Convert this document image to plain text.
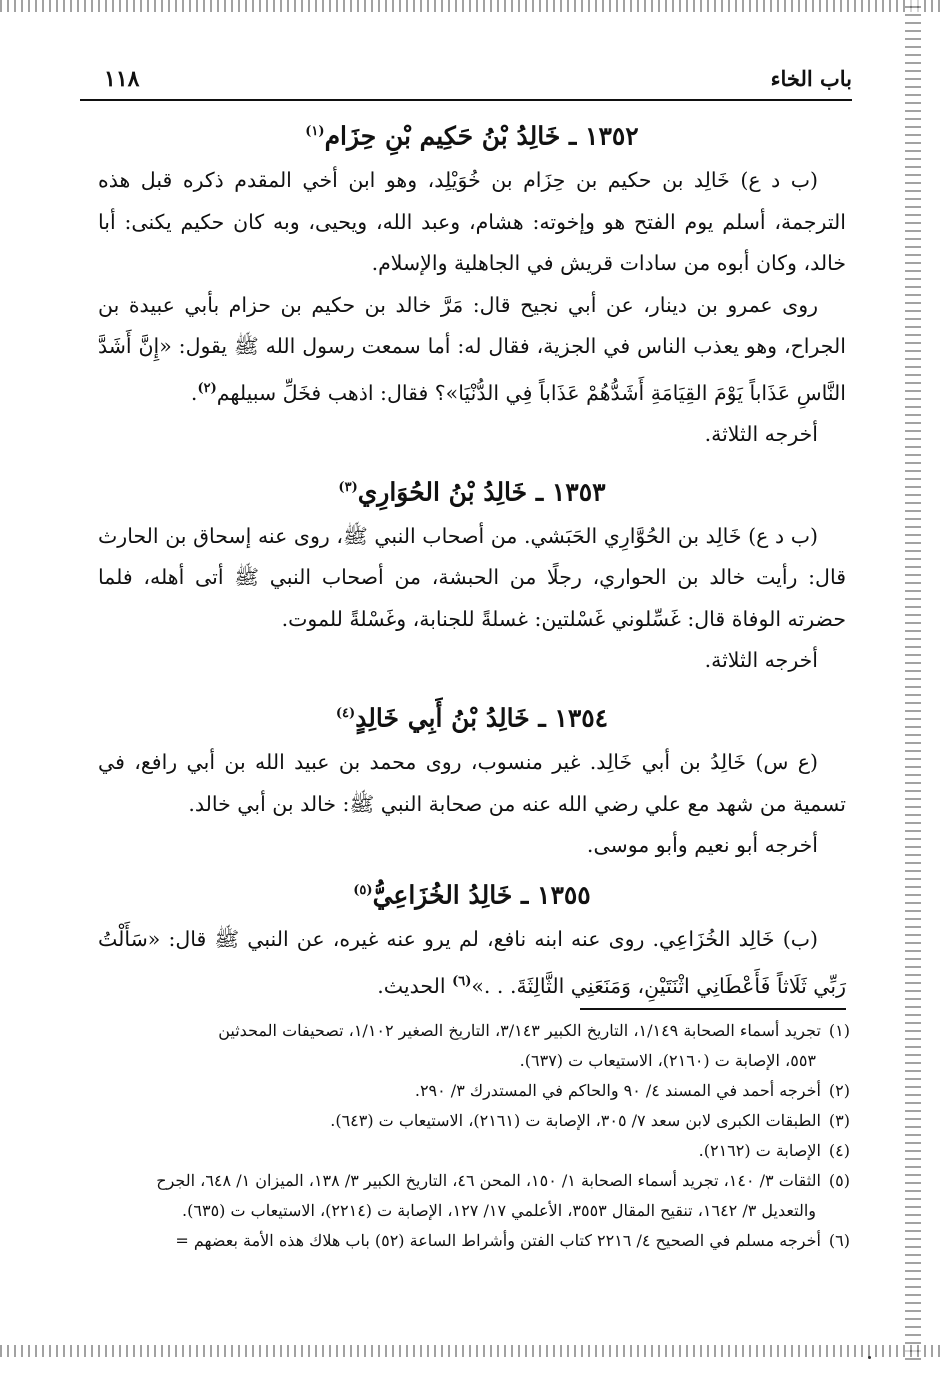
باب الخاء
١١٨
١٣٥٢ ـ خَالِدُ بْنُ حَكِيم بْنِ حِزَام$^{(١)}$

(ب د ع) خَالِد بن حكيم بن حِزَام بن خُوَيْلِد، وهو ابن أخي المقدم ذكره قبل هذه الترجمة، أسلم يوم الفتح هو وإخوته: هشام، وعبد الله، ويحيى، وبه كان حكيم يكنى: أبا خالد، وكان أبوه من سادات قريش في الجاهلية والإسلام.

روى عمرو بن دينار، عن أبي نجيح قال: مَرَّ خالد بن حكيم بن حزام بأبي عبيدة بن الجراح، وهو يعذب الناس في الجزية، فقال له: أما سمعت رسول الله ﷺ يقول: «إِنَّ أَشَدَّ النَّاسِ عَذَاباً يَوْمَ القِيَامَةِ أَشَدُّهُمْ عَذَاباً فِي الدُّنْيَا»؟ فقال: اذهب فخَلِّ سبيلهم$^{(٢)}$.

أخرجه الثلاثة.

١٣٥٣ ـ خَالِدُ بْنُ الحُوَارِي$^{(٣)}$

(ب د ع) خَالِد بن الحُوَّارِي الحَبَشي. من أصحاب النبي ﷺ، روى عنه إسحاق بن الحارث قال: رأيت خالد بن الحواري، رجلًا من الحبشة، من أصحاب النبي ﷺ أتى أهله، فلما حضرته الوفاة قال: غَسِّلوني غَسْلتين: غسلةً للجنابة، وغَسْلةً للموت.

أخرجه الثلاثة.

١٣٥٤ ـ خَالِدُ بْنُ أَبِي خَالِدٍ$^{(٤)}$

(ع س) خَالِدُ بن أبي خَالِد. غير منسوب، روى محمد بن عبيد الله بن أبي رافع، في تسمية من شهد مع علي رضي الله عنه من صحابة النبي ﷺ: خالد بن أبي خالد.

أخرجه أبو نعيم وأبو موسى.

١٣٥٥ ـ خَالِدُ الخُزَاعِيُّ$^{(٥)}$

(ب) خَالِد الخُزَاعِي. روى عنه ابنه نافع، لم يرو عنه غيره، عن النبي ﷺ قال: «سَأَلْتُ رَبِّي ثَلَاثاً فَأَعْطَانِي اثْنَتَيْنِ، وَمَنَعَنِي الثَّالِثَةَ. . .»$^{(٦)}$ الحديث.

(١)تجريد أسماء الصحابة ١/١٤٩، التاريخ الكبير ٣/١٤٣، التاريخ الصغير ١/١٠٢، تصحيفات المحدثين
٥٥٣، الإصابة ت (٢١٦٠)، الاستيعاب ت (٦٣٧).

(٢)أخرجه أحمد في المسند ٤/ ٩٠ والحاكم في المستدرك ٣/ ٢٩٠.

(٣)الطبقات الكبرى لابن سعد ٧/ ٣٠٥، الإصابة ت (٢١٦١)، الاستيعاب ت (٦٤٣).

(٤)الإصابة ت (٢١٦٢).

(٥)الثقات ٣/ ١٤٠، تجريد أسماء الصحابة ١/ ١٥٠، المحن ٤٦، التاريخ الكبير ٣/ ١٣٨، الميزان ١/ ٦٤٨، الجرح
والتعديل ٣/ ١٦٤٢، تنقيح المقال ٣٥٥٣، الأعلمي ١٧/ ١٢٧، الإصابة ت (٢٢١٤)، الاستيعاب ت (٦٣٥).

(٦)أخرجه مسلم في الصحيح ٤/ ٢٢١٦ كتاب الفتن وأشراط الساعة (٥٢) باب هلاك هذه الأمة بعضهم =
